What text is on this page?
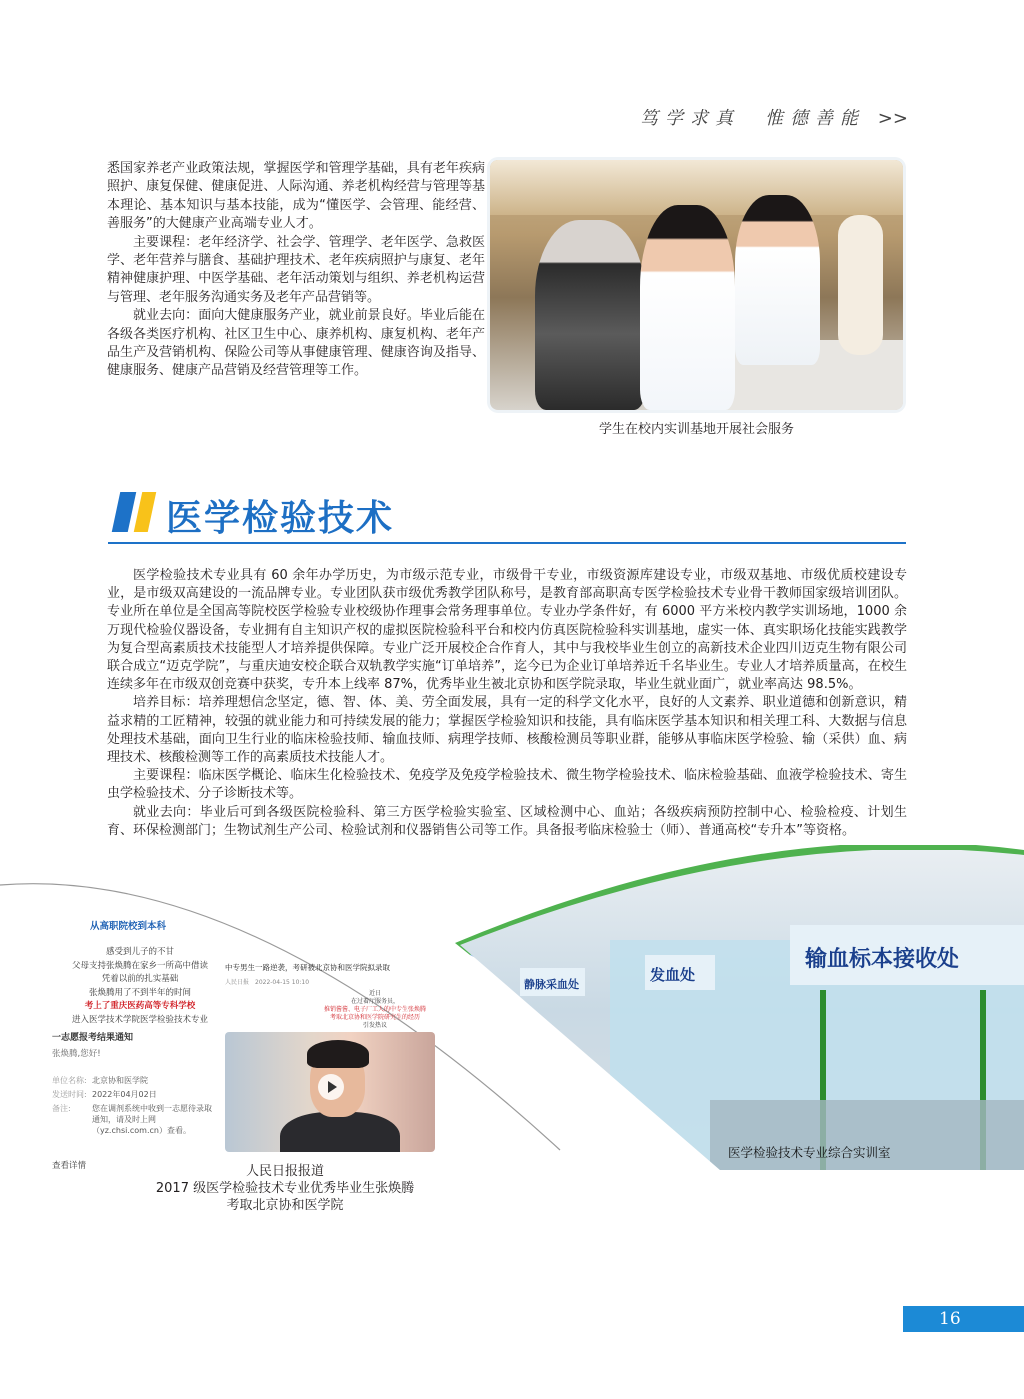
笃学求真　惟德善能 >>

悉国家养老产业政策法规，掌握医学和管理学基础，具有老年疾病照护、康复保健、健康促进、人际沟通、养老机构经营与管理等基本理论、基本知识与基本技能，成为“懂医学、会管理、能经营、善服务”的大健康产业高端专业人才。

主要课程：老年经济学、社会学、管理学、老年医学、急救医学、老年营养与膳食、基础护理技术、老年疾病照护与康复、老年精神健康护理、中医学基础、老年活动策划与组织、养老机构运营与管理、老年服务沟通实务及老年产品营销等。

就业去向：面向大健康服务产业，就业前景良好。毕业后能在各级各类医疗机构、社区卫生中心、康养机构、康复机构、老年产品生产及营销机构、保险公司等从事健康管理、健康咨询及指导、健康服务、健康产品营销及经营管理等工作。

学生在校内实训基地开展社会服务
医学检验技术

医学检验技术专业具有 60 余年办学历史，为市级示范专业，市级骨干专业，市级资源库建设专业，市级双基地、市级优质校建设专业，是市级双高建设的一流品牌专业。专业团队获市级优秀教学团队称号，是教育部高职高专医学检验技术专业骨干教师国家级培训团队。专业所在单位是全国高等院校医学检验专业校级协作理事会常务理事单位。专业办学条件好，有 6000 平方米校内教学实训场地，1000 余万现代检验仪器设备，专业拥有自主知识产权的虚拟医院检验科平台和校内仿真医院检验科实训基地，虚实一体、真实职场化技能实践教学为复合型高素质技术技能型人才培养提供保障。专业广泛开展校企合作育人，其中与我校毕业生创立的高新技术企业四川迈克生物有限公司联合成立“迈克学院”，与重庆迪安校企联合双轨教学实施“订单培养”，迄今已为企业订单培养近千名毕业生。专业人才培养质量高，在校生连续多年在市级双创竞赛中获奖，专升本上线率 87%，优秀毕业生被北京协和医学院录取，毕业生就业面广，就业率高达 98.5%。

培养目标：培养理想信念坚定，德、智、体、美、劳全面发展，具有一定的科学文化水平，良好的人文素养、职业道德和创新意识，精益求精的工匠精神，较强的就业能力和可持续发展的能力；掌握医学检验知识和技能，具有临床医学基本知识和相关理工科、大数据与信息处理技术基础，面向卫生行业的临床检验技师、输血技师、病理学技师、核酸检测员等职业群，能够从事临床医学检验、输（采供）血、病理技术、核酸检测等工作的高素质技术技能人才。

主要课程：临床医学概论、临床生化检验技术、免疫学及免疫学检验技术、微生物学检验技术、临床检验基础、血液学检验技术、寄生虫学检验技术、分子诊断技术等。

就业去向：毕业后可到各级医院检验科、第三方医学检验实验室、区域检测中心、血站；各级疾病预防控制中心、检验检疫、计划生育、环保检测部门；生物试剂生产公司、检验试剂和仪器销售公司等工作。具备报考临床检验士（师）、普通高校“专升本”等资格。

从高职院校到本科
感受到儿子的不甘
父母支持张焕腾在家乡一所高中借读
凭着以前的扎实基础
张焕腾用了不到半年的时间
考上了重庆医药高等专科学校
进入医学技术学院医学检验技术专业
一志愿报考结果通知
张焕腾,您好!
单位名称: 北京协和医学院
发送时间: 2022年04月02日
备注:	您在调剂系统中收到一志愿待录取通知，请及时上网（yz.chsi.com.cn）查看。
查看详情
中专男生一路逆袭，考研被北京协和医学院拟录取
人民日报　2022-04-15 10:10
近日
在过着厅服务员，
推销酱酱、电子厂工人的中专生张焕腾
考取北京协和医学院研究生的经历
引发热议
人民日报报道
2017 级医学检验技术专业优秀毕业生张焕腾
考取北京协和医学院
输血标本接收处
发血处
静脉采血处
医学检验技术专业综合实训室
16
